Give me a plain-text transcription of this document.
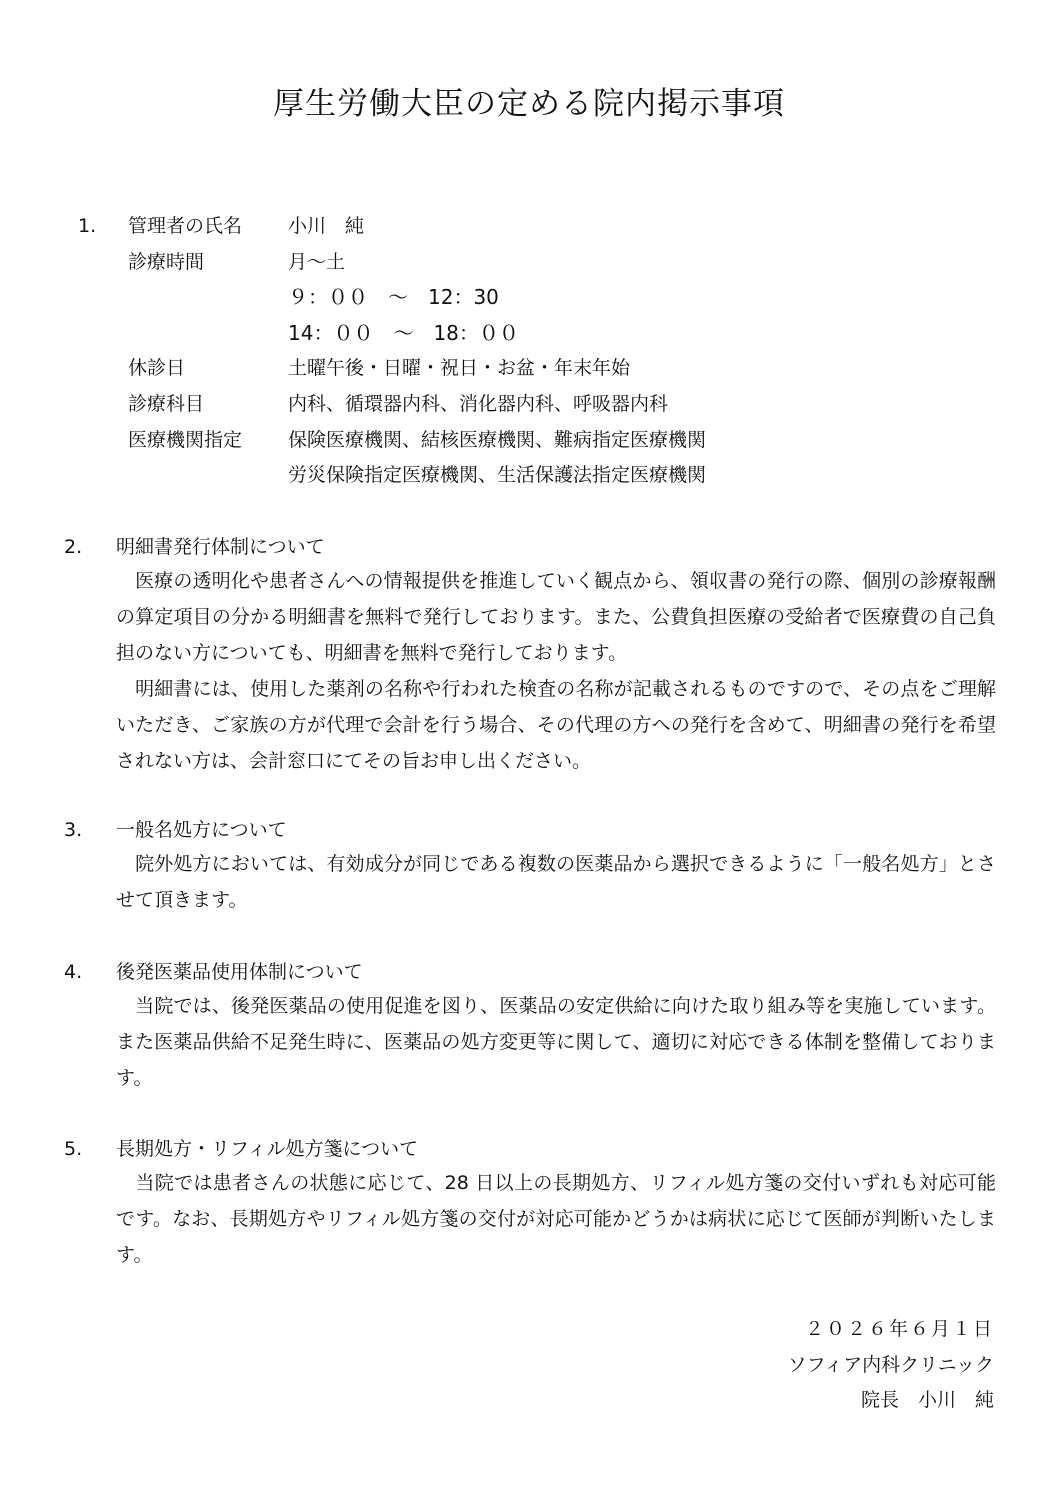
厚生労働大臣の定める院内掲示事項
1. 管理者の氏名 小川　純
診療時間	月～土
９：００　～　12：30
14：００　～　18：００
休診日	土曜午後・日曜・祝日・お盆・年末年始
診療科目	内科、循環器内科、消化器内科、呼吸器内科
医療機関指定 保険医療機関、結核医療機関、難病指定医療機関
労災保険指定医療機関、生活保護法指定医療機関
2. 明細書発行体制について
　医療の透明化や患者さんへの情報提供を推進していく観点から、領収書の発行の際、個別の診療報酬の算定項目の分かる明細書を無料で発行しております。また、公費負担医療の受給者で医療費の自己負担のない方についても、明細書を無料で発行しております。
　明細書には、使用した薬剤の名称や行われた検査の名称が記載されるものですので、その点をご理解いただき、ご家族の方が代理で会計を行う場合、その代理の方への発行を含めて、明細書の発行を希望されない方は、会計窓口にてその旨お申し出ください。
3. 一般名処方について
　院外処方においては、有効成分が同じである複数の医薬品から選択できるように「一般名処方」とさせて頂きます。
4. 後発医薬品使用体制について
　当院では、後発医薬品の使用促進を図り、医薬品の安定供給に向けた取り組み等を実施しています。また医薬品供給不足発生時に、医薬品の処方変更等に関して、適切に対応できる体制を整備しております。
5. 長期処方・リフィル処方箋について
　当院では患者さんの状態に応じて、28 日以上の長期処方、リフィル処方箋の交付いずれも対応可能です。なお、長期処方やリフィル処方箋の交付が対応可能かどうかは病状に応じて医師が判断いたします。
２０２６年６月１日
ソフィア内科クリニック
院長　小川　純
